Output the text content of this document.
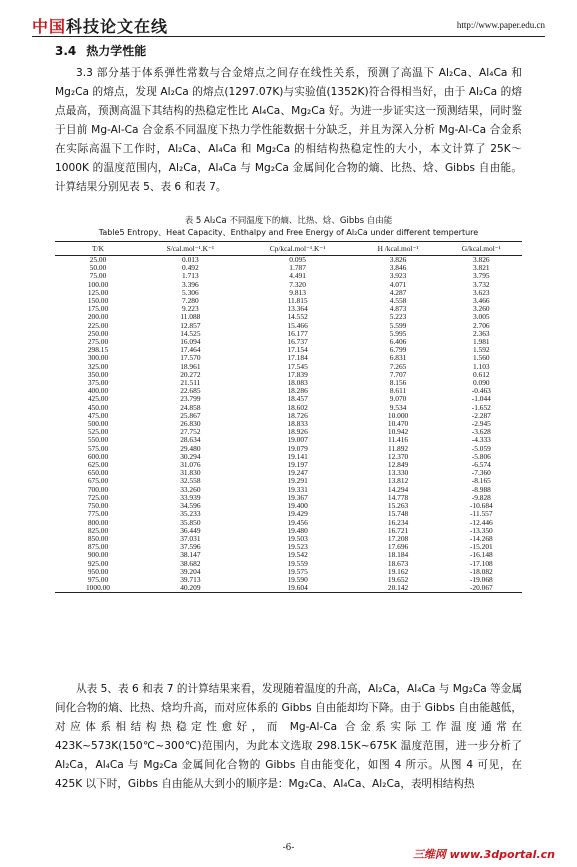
中国科技论文在线	http://www.paper.edu.cn
3.4 热力学性能
3.3 部分基于体系弹性常数与合金熔点之间存在线性关系，预测了高温下 Al₂Ca、Al₄Ca 和 Mg₂Ca 的熔点，发现 Al₂Ca 的熔点(1297.07K)与实验值(1352K)符合得相当好，由于 Al₂Ca 的熔点最高，预测高温下其结构的热稳定性比 Al₄Ca、Mg₂Ca 好。为进一步证实这一预测结果，同时鉴于目前 Mg-Al-Ca 合金系不同温度下热力学性能数据十分缺乏，并且为深入分析 Mg-Al-Ca 合金系在实际高温下工作时，Al₂Ca、Al₄Ca 和 Mg₂Ca 的相结构热稳定性的大小，本文计算了 25K～1000K 的温度范围内，Al₂Ca，Al₄Ca 与 Mg₂Ca 金属间化合物的熵、比热、焓、Gibbs 自由能。计算结果分别见表 5、表 6 和表 7。
表 5 Al₂Ca 不同温度下的熵、比热、焓、Gibbs 自由能
Table5 Entropy、Heat Capacity、Enthalpy and Free Energy of Al₂Ca under different temperture
T/K	S/cal.mol⁻¹.K⁻¹	Cp/kcal.mol⁻¹.K⁻¹	H /kcal.mol⁻¹	G/kcal.mol⁻¹
25.00	0.013	0.095	3.826	3.826
50.00	0.492	1.787	3.846	3.821
75.00	1.713	4.491	3.923	3.795
100.00	3.396	7.320	4.071	3.732
125.00	5.306	9.813	4.287	3.623
150.00	7.280	11.815	4.558	3.466
175.00	9.223	13.364	4.873	3.260
200.00	11.088	14.552	5.223	3.005
225.00	12.857	15.466	5.599	2.706
250.00	14.525	16.177	5.995	2.363
275.00	16.094	16.737	6.406	1.981
298.15	17.464	17.154	6.799	1.592
300.00	17.570	17.184	6.831	1.560
325.00	18.961	17.545	7.265	1.103
350.00	20.272	17.839	7.707	0.612
375.00	21.511	18.083	8.156	0.090
400.00	22.685	18.286	8.611	-0.463
425.00	23.799	18.457	9.070	-1.044
450.00	24.858	18.602	9.534	-1.652
475.00	25.867	18.726	10.000	-2.287
500.00	26.830	18.833	10.470	-2.945
525.00	27.752	18.926	10.942	-3.628
550.00	28.634	19.007	11.416	-4.333
575.00	29.480	19.079	11.892	-5.059
600.00	30.294	19.141	12.370	-5.806
625.00	31.076	19.197	12.849	-6.574
650.00	31.830	19.247	13.330	-7.360
675.00	32.558	19.291	13.812	-8.165
700.00	33.260	19.331	14.294	-8.988
725.00	33.939	19.367	14.778	-9.828
750.00	34.596	19.400	15.263	-10.684
775.00	35.233	19.429	15.748	-11.557
800.00	35.850	19.456	16.234	-12.446
825.00	36.449	19.480	16.721	-13.350
850.00	37.031	19.503	17.208	-14.268
875.00	37.596	19.523	17.696	-15.201
900.00	38.147	19.542	18.184	-16.148
925.00	38.682	19.559	18.673	-17.108
950.00	39.204	19.575	19.162	-18.082
975.00	39.713	19.590	19.652	-19.068
1000.00	40.209	19.604	20.142	-20.067
从表 5、表 6 和表 7 的计算结果来看，发现随着温度的升高，Al₂Ca，Al₄Ca 与 Mg₂Ca 等金属间化合物的熵、比热、焓均升高，而对应体系的 Gibbs 自由能却均下降。由于 Gibbs 自由能越低，对应体系相结构热稳定性愈好，而 Mg-Al-Ca 合金系实际工作温度通常在 423K~573K(150℃~300℃)范围内，为此本文选取 298.15K~675K 温度范围，进一步分析了 Al₂Ca，Al₄Ca 与 Mg₂Ca 金属间化合物的 Gibbs 自由能变化，如图 4 所示。从图 4 可见，在 425K 以下时，Gibbs 自由能从大到小的顺序是：Mg₂Ca、Al₄Ca、Al₂Ca，表明相结构热
-6-	三维网 www.3dportal.cn
